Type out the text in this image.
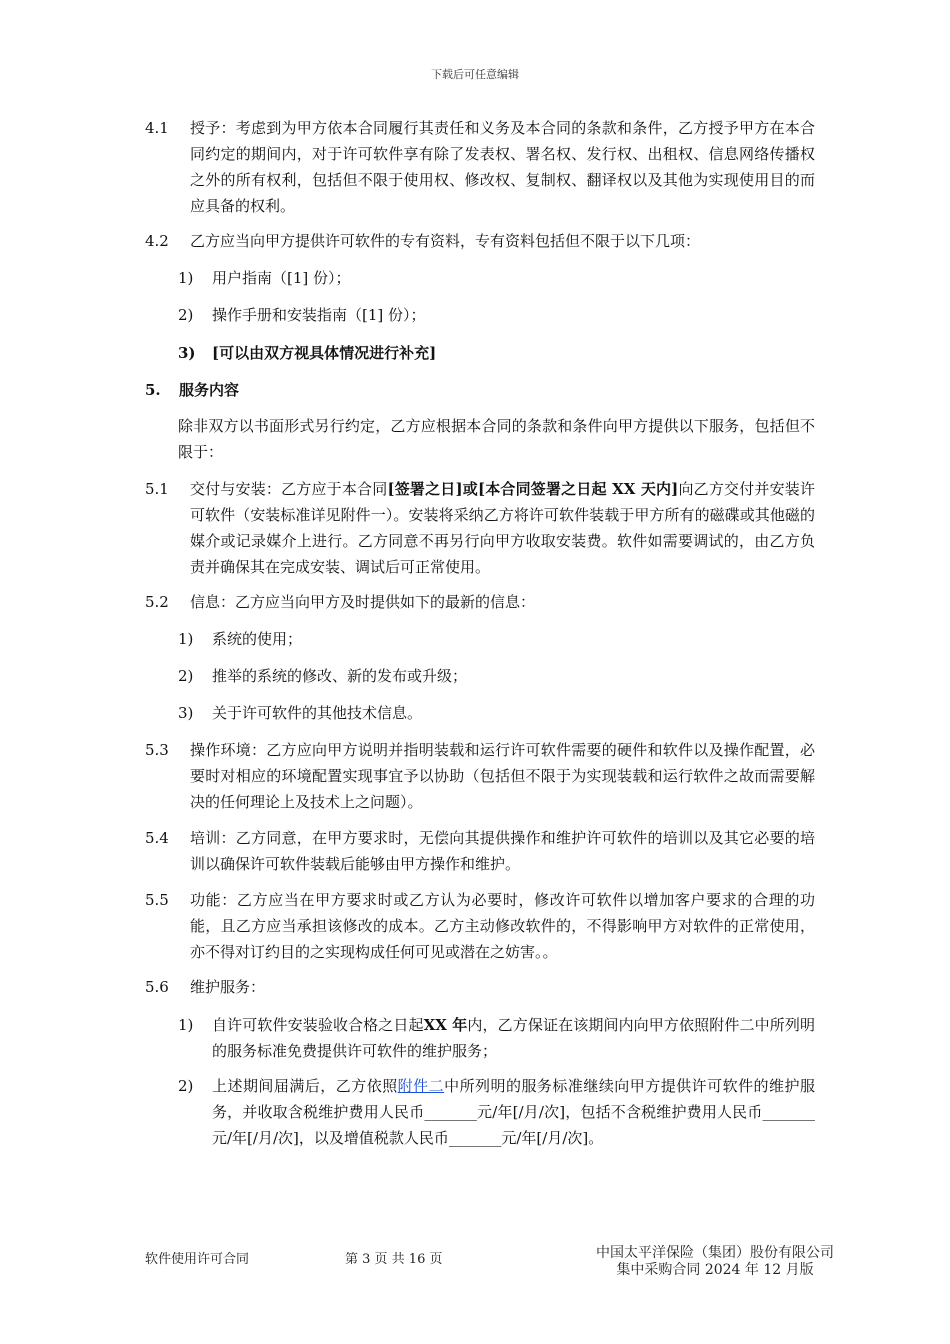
下载后可任意编辑
4.1 授予：考虑到为甲方依本合同履行其责任和义务及本合同的条款和条件，乙方授予甲方在本合同约定的期间内，对于许可软件享有除了发表权、署名权、发行权、出租权、信息网络传播权之外的所有权利，包括但不限于使用权、修改权、复制权、翻译权以及其他为实现使用目的而应具备的权利。
4.2 乙方应当向甲方提供许可软件的专有资料，专有资料包括但不限于以下几项：
1) 用户指南（[1] 份）；
2) 操作手册和安装指南（[1] 份）；
3) [可以由双方视具体情况进行补充]
5. 服务内容
除非双方以书面形式另行约定，乙方应根据本合同的条款和条件向甲方提供以下服务，包括但不限于：
5.1 交付与安装：乙方应于本合同[签署之日]或[本合同签署之日起 XX 天内]向乙方交付并安装许可软件（安装标准详见附件一）。安装将采纳乙方将许可软件装载于甲方所有的磁碟或其他磁的媒介或记录媒介上进行。乙方同意不再另行向甲方收取安装费。软件如需要调试的，由乙方负责并确保其在完成安装、调试后可正常使用。
5.2 信息：乙方应当向甲方及时提供如下的最新的信息：
1) 系统的使用；
2) 推举的系统的修改、新的发布或升级；
3) 关于许可软件的其他技术信息。
5.3 操作环境：乙方应向甲方说明并指明装载和运行许可软件需要的硬件和软件以及操作配置，必要时对相应的环境配置实现事宜予以协助（包括但不限于为实现装载和运行软件之故而需要解决的任何理论上及技术上之问题）。
5.4 培训：乙方同意，在甲方要求时，无偿向其提供操作和维护许可软件的培训以及其它必要的培训以确保许可软件装载后能够由甲方操作和维护。
5.5 功能：乙方应当在甲方要求时或乙方认为必要时，修改许可软件以增加客户要求的合理的功能，且乙方应当承担该修改的成本。乙方主动修改软件的，不得影响甲方对软件的正常使用，亦不得对订约目的之实现构成任何可见或潜在之妨害。。
5.6 维护服务：
1) 自许可软件安装验收合格之日起XX 年内，乙方保证在该期间内向甲方依照附件二中所列明的服务标准免费提供许可软件的维护服务；
2) 上述期间届满后，乙方依照附件二中所列明的服务标准继续向甲方提供许可软件的维护服务，并收取含税维护费用人民币_______元/年[/月/次]，包括不含税维护费用人民币_______元/年[/月/次]，以及增值税款人民币_______元/年[/月/次]。
软件使用许可合同	第 3 页 共 16 页	中国太平洋保险（集团）股份有限公司
集中采购合同 2024 年 12 月版
